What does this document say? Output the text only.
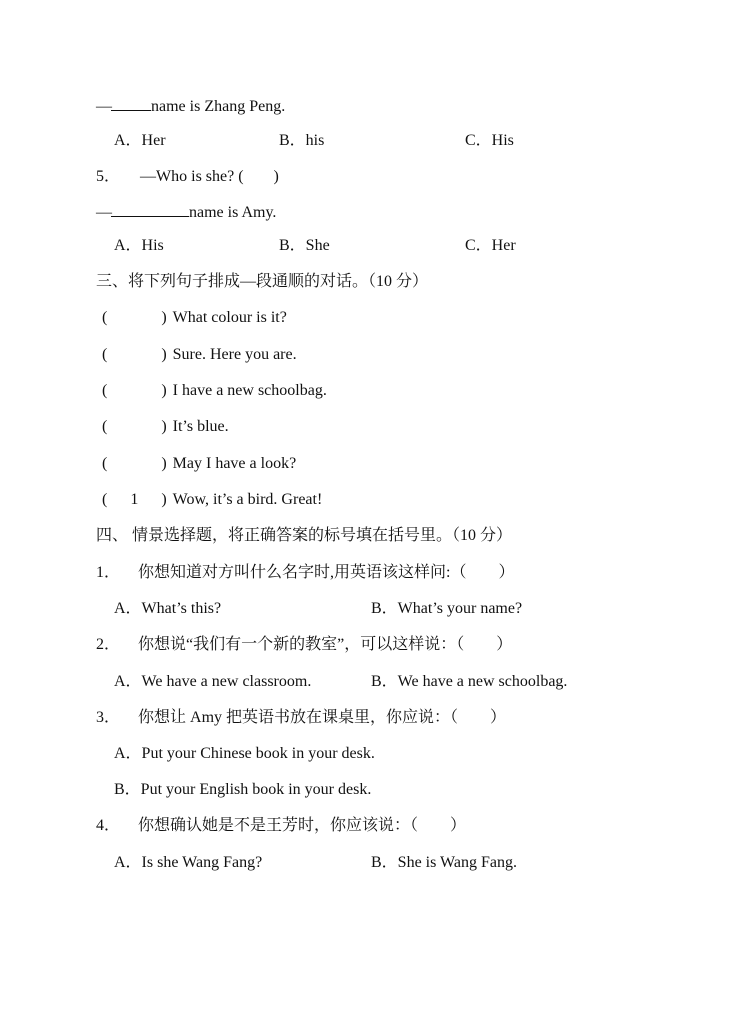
—	name is Zhang Peng.
A．Her	B．his	C．His
5． —Who is she? ( )
—	name is Amy.
A．His	B．She	C．Her
三、将下列句子排成—段通顺的对话。（10 分）
(	) What colour is it?
(	) Sure. Here you are.
(	) I have a new schoolbag.
(	) It’s blue.
(	) May I have a look?
( 1 ) Wow, it’s a bird. Great!
四、 情景选择题，将正确答案的标号填在括号里。（10 分）
1． 你想知道对方叫什么名字时,用英语该这样问:（　　）
A．What’s this?	B．What’s your name?
2． 你想说“我们有一个新的教室”，可以这样说：（　　）
A．We have a new classroom.	B．We have a new schoolbag.
3． 你想让 Amy 把英语书放在课桌里，你应说：（　　）
A．Put your Chinese book in your desk.
B．Put your English book in your desk.
4． 你想确认她是不是王芳时，你应该说：（　　）
A．Is she Wang Fang?	B．She is Wang Fang.
